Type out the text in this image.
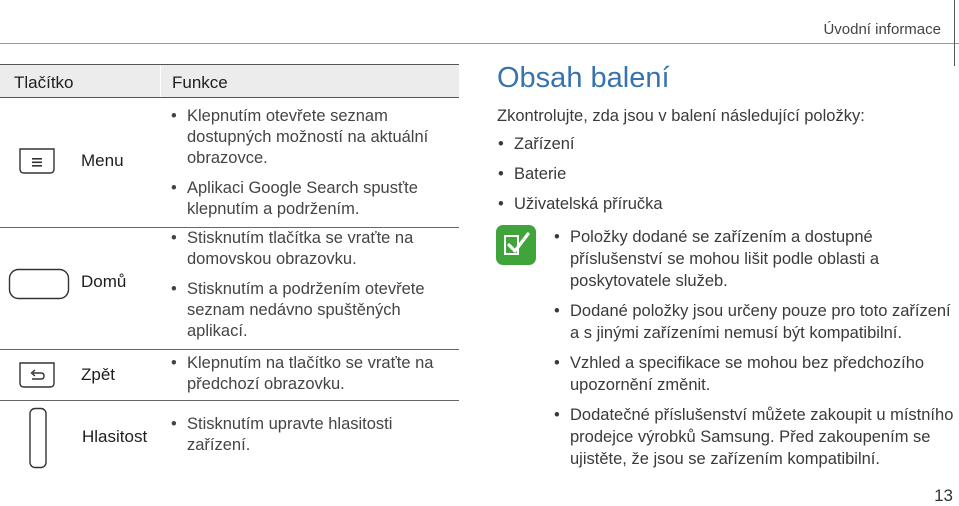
Úvodní informace
Tlačítko	Funkce
Menu
• Klepnutím otevřete seznam dostupných možností na aktuální obrazovce.
• Aplikaci Google Search spusťte klepnutím a podržením.
Domů
• Stisknutím tlačítka se vraťte na domovskou obrazovku.
• Stisknutím a podržením otevřete seznam nedávno spuštěných aplikací.
Zpět
• Klepnutím na tlačítko se vraťte na předchozí obrazovku.
Hlasitost
• Stisknutím upravte hlasitosti zařízení.
Obsah balení
Zkontrolujte, zda jsou v balení následující položky:
• Zařízení
• Baterie
• Uživatelská příručka
• Položky dodané se zařízením a dostupné příslušenství se mohou lišit podle oblasti a poskytovatele služeb.
• Dodané položky jsou určeny pouze pro toto zařízení a s jinými zařízeními nemusí být kompatibilní.
• Vzhled a specifikace se mohou bez předchozího upozornění změnit.
• Dodatečné příslušenství můžete zakoupit u místního prodejce výrobků Samsung. Před zakoupením se ujistěte, že jsou se zařízením kompatibilní.
13
